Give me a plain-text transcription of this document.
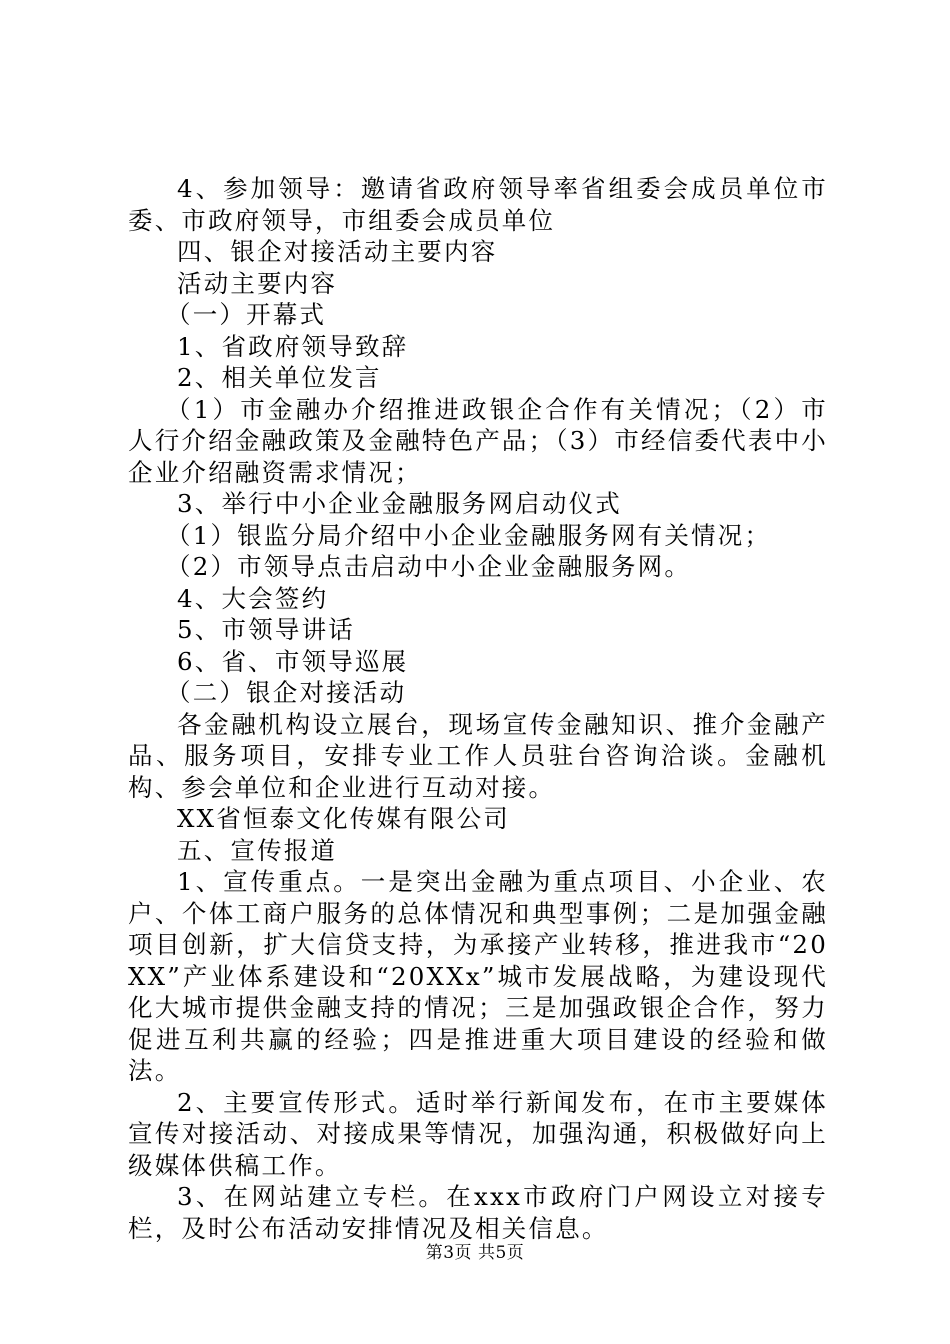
4、参加领导：邀请省政府领导率省组委会成员单位市委、市政府领导，市组委会成员单位

四、银企对接活动主要内容

活动主要内容

（一）开幕式

1、省政府领导致辞

2、相关单位发言

（1）市金融办介绍推进政银企合作有关情况；（2）市人行介绍金融政策及金融特色产品；（3）市经信委代表中小企业介绍融资需求情况；

3、举行中小企业金融服务网启动仪式

（1）银监分局介绍中小企业金融服务网有关情况；

（2）市领导点击启动中小企业金融服务网。

4、大会签约

5、市领导讲话

6、省、市领导巡展

（二）银企对接活动

各金融机构设立展台，现场宣传金融知识、推介金融产品、服务项目，安排专业工作人员驻台咨询洽谈。金融机构、参会单位和企业进行互动对接。

XX省恒泰文化传媒有限公司

五、宣传报道

1、宣传重点。一是突出金融为重点项目、小企业、农户、个体工商户服务的总体情况和典型事例；二是加强金融项目创新，扩大信贷支持，为承接产业转移，推进我市“20XX”产业体系建设和“20XXx”城市发展战略，为建设现代化大城市提供金融支持的情况；三是加强政银企合作，努力促进互利共赢的经验；四是推进重大项目建设的经验和做法。

2、主要宣传形式。适时举行新闻发布，在市主要媒体宣传对接活动、对接成果等情况，加强沟通，积极做好向上级媒体供稿工作。

3、在网站建立专栏。在xxx市政府门户网设立对接专栏，及时公布活动安排情况及相关信息。

第3页 共5页
